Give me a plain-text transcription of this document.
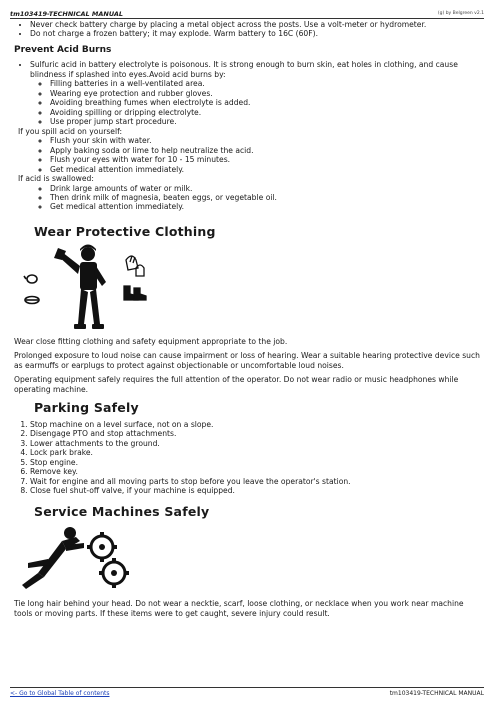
tm103419-TECHNICAL MANUAL	(g) by Belgreen v2.1
• Never check battery charge by placing a metal object across the posts. Use a volt-meter or hydrometer.
• Do not charge a frozen battery; it may explode. Warm battery to 16C (60F).
Prevent Acid Burns
• Sulfuric acid in battery electrolyte is poisonous. It is strong enough to burn skin, eat holes in clothing, and cause blindness if splashed into eyes.Avoid acid burns by:
◦ Filling batteries in a well-ventilated area.
◦ Wearing eye protection and rubber gloves.
◦ Avoiding breathing fumes when electrolyte is added.
◦ Avoiding spilling or dripping electrolyte.
◦ Use proper jump start procedure.
If you spill acid on yourself:
◦ Flush your skin with water.
◦ Apply baking soda or lime to help neutralize the acid.
◦ Flush your eyes with water for 10 - 15 minutes.
◦ Get medical attention immediately.
If acid is swallowed:
◦ Drink large amounts of water or milk.
◦ Then drink milk of magnesia, beaten eggs, or vegetable oil.
◦ Get medical attention immediately.
Wear Protective Clothing

Wear close fitting clothing and safety equipment appropriate to the job.

Prolonged exposure to loud noise can cause impairment or loss of hearing. Wear a suitable hearing protective device such as earmuffs or earplugs to protect against objectionable or uncomfortable loud noises.

Operating equipment safely requires the full attention of the operator. Do not wear radio or music headphones while operating machine.

Parking Safely
1. Stop machine on a level surface, not on a slope.
2. Disengage PTO and stop attachments.
3. Lower attachments to the ground.
4. Lock park brake.
5. Stop engine.
6. Remove key.
7. Wait for engine and all moving parts to stop before you leave the operator's station.
8. Close fuel shut-off valve, if your machine is equipped.
Service Machines Safely

Tie long hair behind your head. Do not wear a necktie, scarf, loose clothing, or necklace when you work near machine tools or moving parts. If these items were to get caught, severe injury could result.

<- Go to Global Table of contents	tm103419-TECHNICAL MANUAL
